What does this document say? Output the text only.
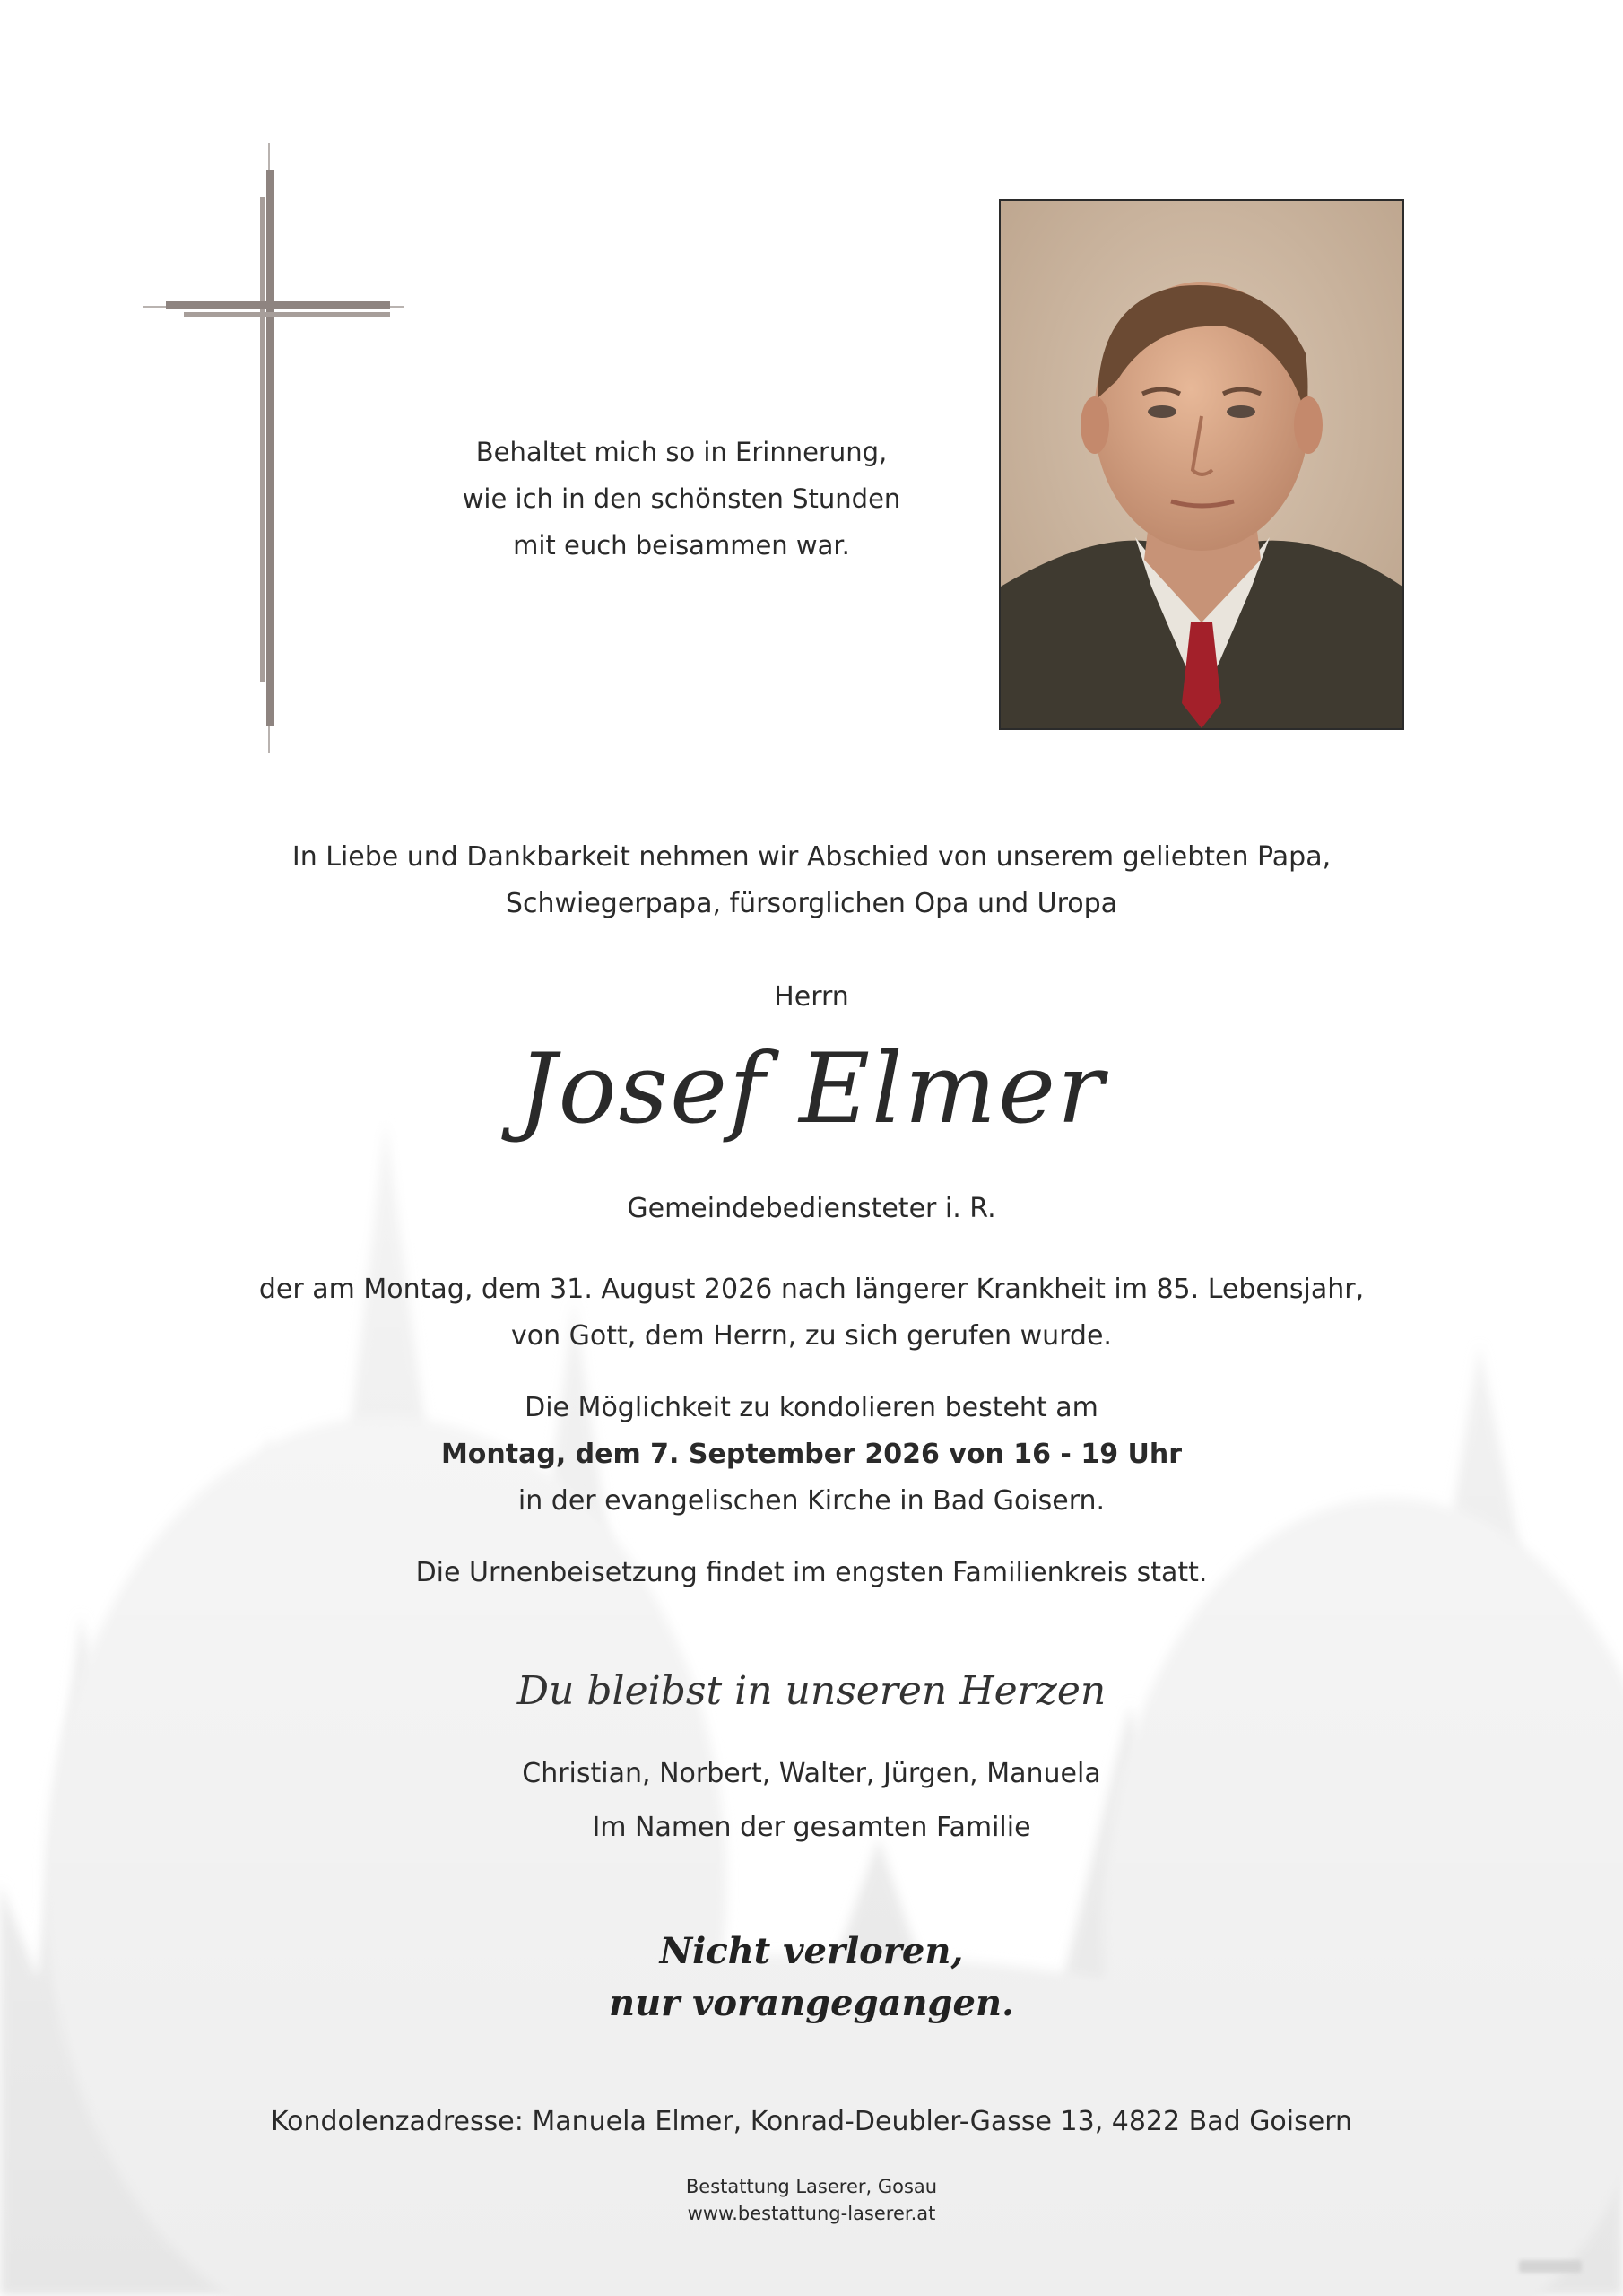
Behaltet mich so in Erinnerung,
wie ich in den schönsten Stunden
mit euch beisammen war.
In Liebe und Dankbarkeit nehmen wir Abschied von unserem geliebten Papa,
Schwiegerpapa, fürsorglichen Opa und Uropa
Herrn
Josef Elmer
Gemeindebediensteter i. R.
der am Montag, dem 31. August 2026 nach längerer Krankheit im 85. Lebensjahr,
von Gott, dem Herrn, zu sich gerufen wurde.
Die Möglichkeit zu kondolieren besteht am
Montag, dem 7. September 2026 von 16 - 19 Uhr
in der evangelischen Kirche in Bad Goisern.
Die Urnenbeisetzung findet im engsten Familienkreis statt.
Du bleibst in unseren Herzen
Christian, Norbert, Walter, Jürgen, Manuela
Im Namen der gesamten Familie
Nicht verloren,
nur vorangegangen.
Kondolenzadresse: Manuela Elmer, Konrad-Deubler-Gasse 13, 4822 Bad Goisern
Bestattung Laserer, Gosau
www.bestattung-laserer.at
